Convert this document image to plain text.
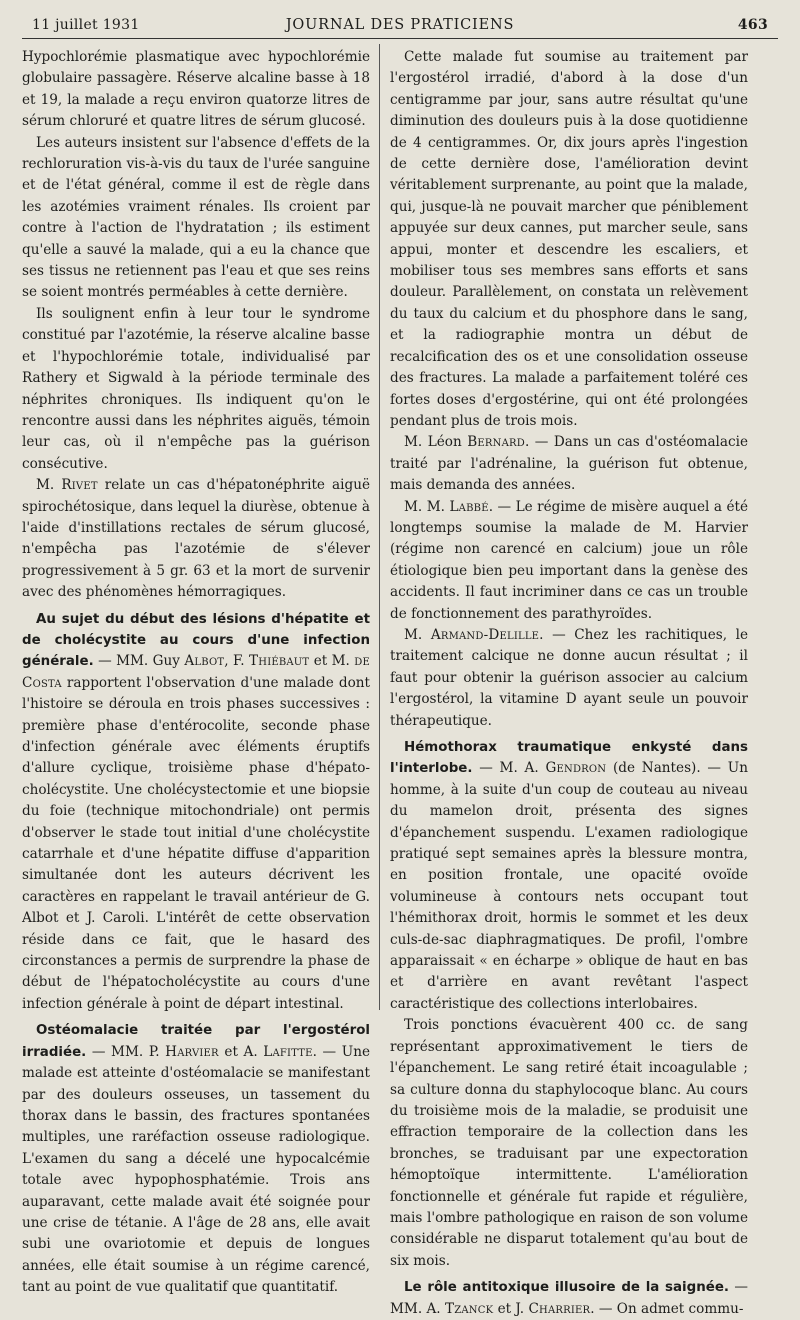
11 juillet 1931	JOURNAL DES PRATICIENS	463

Hypochlorémie plasmatique avec hypochlorémie globulaire passagère. Réserve alcaline basse à 18 et 19, la malade a reçu environ quatorze litres de sérum chloruré et quatre litres de sérum glucosé.

Les auteurs insistent sur l'absence d'effets de la rechloruration vis-à-vis du taux de l'urée sanguine et de l'état général, comme il est de règle dans les azotémies vraiment rénales. Ils croient par contre à l'action de l'hydratation ; ils estiment qu'elle a sauvé la malade, qui a eu la chance que ses tissus ne retiennent pas l'eau et que ses reins se soient montrés perméables à cette dernière.

Ils soulignent enfin à leur tour le syndrome constitué par l'azotémie, la réserve alcaline basse et l'hypochlorémie totale, individualisé par Rathery et Sigwald à la période terminale des néphrites chroniques. Ils indiquent qu'on le rencontre aussi dans les néphrites aiguës, témoin leur cas, où il n'empêche pas la guérison consécutive.

M. Rivet relate un cas d'hépatonéphrite aiguë spirochétosique, dans lequel la diurèse, obtenue à l'aide d'instillations rectales de sérum glucosé, n'empêcha pas l'azotémie de s'élever progressivement à 5 gr. 63 et la mort de survenir avec des phénomènes hémorragiques.

Au sujet du début des lésions d'hépatite et de cholécystite au cours d'une infection générale. — MM. Guy Albot, F. Thiébaut et M. de Costa rapportent l'observation d'une malade dont l'histoire se déroula en trois phases successives : première phase d'entérocolite, seconde phase d'infection générale avec éléments éruptifs d'allure cyclique, troisième phase d'hépato-cholécystite. Une cholécystectomie et une biopsie du foie (technique mitochondriale) ont permis d'observer le stade tout initial d'une cholécystite catarrhale et d'une hépatite diffuse d'apparition simultanée dont les auteurs décrivent les caractères en rappelant le travail antérieur de G. Albot et J. Caroli. L'intérêt de cette observation réside dans ce fait, que le hasard des circonstances a permis de surprendre la phase de début de l'hépatocholécystite au cours d'une infection générale à point de départ intestinal.

Ostéomalacie traitée par l'ergostérol irradiée. — MM. P. Harvier et A. Lafitte. — Une malade est atteinte d'ostéomalacie se manifestant par des douleurs osseuses, un tassement du thorax dans le bassin, des fractures spontanées multiples, une raréfaction osseuse radiologique. L'examen du sang a décelé une hypocalcémie totale avec hypophosphatémie. Trois ans auparavant, cette malade avait été soignée pour une crise de tétanie. A l'âge de 28 ans, elle avait subi une ovariotomie et depuis de longues années, elle était soumise à un régime carencé, tant au point de vue qualitatif que quantitatif.

Cette malade fut soumise au traitement par l'ergostérol irradié, d'abord à la dose d'un centigramme par jour, sans autre résultat qu'une diminution des douleurs puis à la dose quotidienne de 4 centigrammes. Or, dix jours après l'ingestion de cette dernière dose, l'amélioration devint véritablement surprenante, au point que la malade, qui, jusque-là ne pouvait marcher que péniblement appuyée sur deux cannes, put marcher seule, sans appui, monter et descendre les escaliers, et mobiliser tous ses membres sans efforts et sans douleur. Parallèlement, on constata un relèvement du taux du calcium et du phosphore dans le sang, et la radiographie montra un début de recalcification des os et une consolidation osseuse des fractures. La malade a parfaitement toléré ces fortes doses d'ergostérine, qui ont été prolongées pendant plus de trois mois.

M. Léon Bernard. — Dans un cas d'ostéomalacie traité par l'adrénaline, la guérison fut obtenue, mais demanda des années.

M. M. Labbé. — Le régime de misère auquel a été longtemps soumise la malade de M. Harvier (régime non carencé en calcium) joue un rôle étiologique bien peu important dans la genèse des accidents. Il faut incriminer dans ce cas un trouble de fonctionnement des parathyroïdes.

M. Armand-Delille. — Chez les rachitiques, le traitement calcique ne donne aucun résultat ; il faut pour obtenir la guérison associer au calcium l'ergostérol, la vitamine D ayant seule un pouvoir thérapeutique.

Hémothorax traumatique enkysté dans l'interlobe. — M. A. Gendron (de Nantes). — Un homme, à la suite d'un coup de couteau au niveau du mamelon droit, présenta des signes d'épanchement suspendu. L'examen radiologique pratiqué sept semaines après la blessure montra, en position frontale, une opacité ovoïde volumineuse à contours nets occupant tout l'hémithorax droit, hormis le sommet et les deux culs-de-sac diaphragmatiques. De profil, l'ombre apparaissait « en écharpe » oblique de haut en bas et d'arrière en avant revêtant l'aspect caractéristique des collections interlobaires.

Trois ponctions évacuèrent 400 cc. de sang représentant approximativement le tiers de l'épanchement. Le sang retiré était incoagulable ; sa culture donna du staphylocoque blanc. Au cours du troisième mois de la maladie, se produisit une effraction temporaire de la collection dans les bronches, se traduisant par une expectoration hémoptoïque intermittente. L'amélioration fonctionnelle et générale fut rapide et régulière, mais l'ombre pathologique en raison de son volume considérable ne disparut totalement qu'au bout de six mois.

Le rôle antitoxique illusoire de la saignée. — MM. A. Tzanck et J. Charrier. — On admet commu-
